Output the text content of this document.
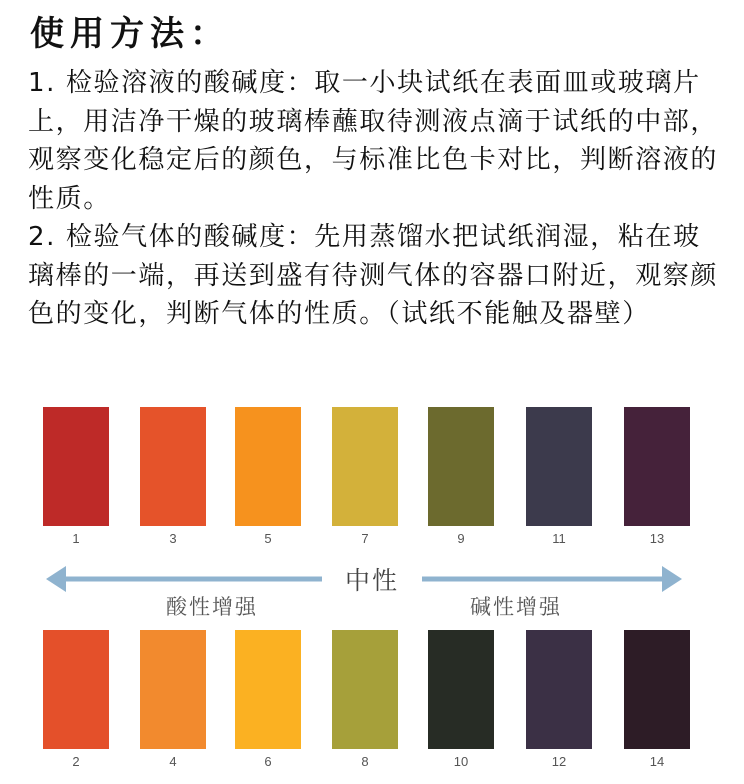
使用方法：

1. 检验溶液的酸碱度：取一小块试纸在表面皿或玻璃片上，用洁净干燥的玻璃棒蘸取待测液点滴于试纸的中部，观察变化稳定后的颜色，与标准比色卡对比，判断溶液的性质。

2. 检验气体的酸碱度：先用蒸馏水把试纸润湿，粘在玻璃棒的一端，再送到盛有待测气体的容器口附近，观察颜色的变化，判断气体的性质。（试纸不能触及器壁）

1	3	5	7	9	11	13
中性
酸性增强	碱性增强
2	4	6	8	10	12	14
